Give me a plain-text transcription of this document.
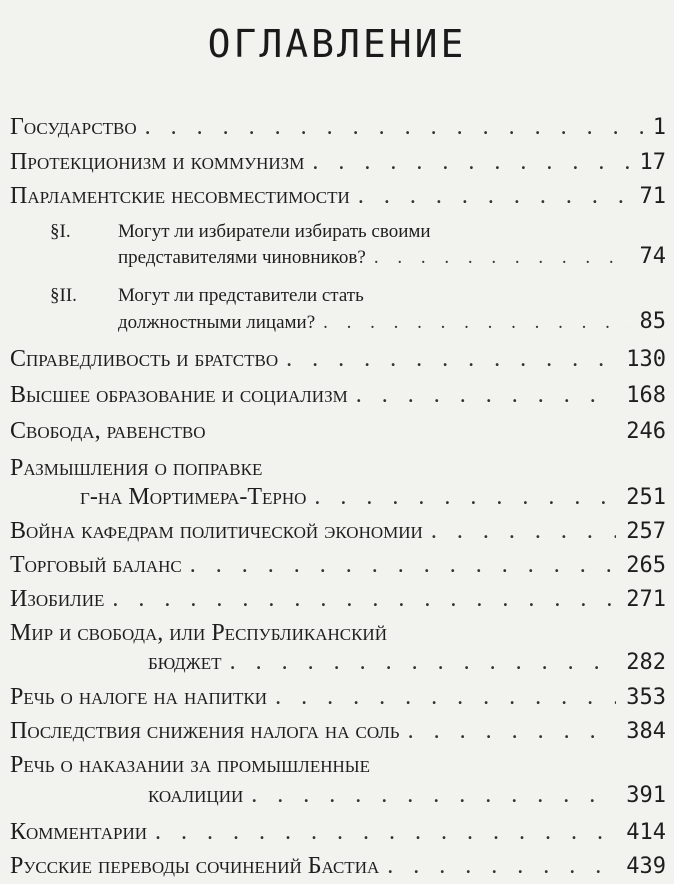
ОГЛАВЛЕНИЕ
Государство . . .	1
Протекционизм и коммунизм . . .	17
Парламентские несовместимости . . .	71
§I. Могут ли избиратели избирать своими
представителями чиновников? . . .	74
§II. Могут ли представители стать
должностными лицами? . . .	85
Справедливость и братство . . .	130
Высшее образование и социализм . . .	168
Свобода, равенство	246
Размышления о поправке
г-на Мортимера-Терно . . .	251
Война кафедрам политической экономии . . .	257
Торговый баланс . . .	265
Изобилие . . .	271
Мир и свобода, или Республиканский
бюджет . . .	282
Речь о налоге на напитки . . .	353
Последствия снижения налога на соль . . .	384
Речь о наказании за промышленные
коалиции . . .	391
Комментарии . . .	414
Русские переводы сочинений Бастиа . . .	439
